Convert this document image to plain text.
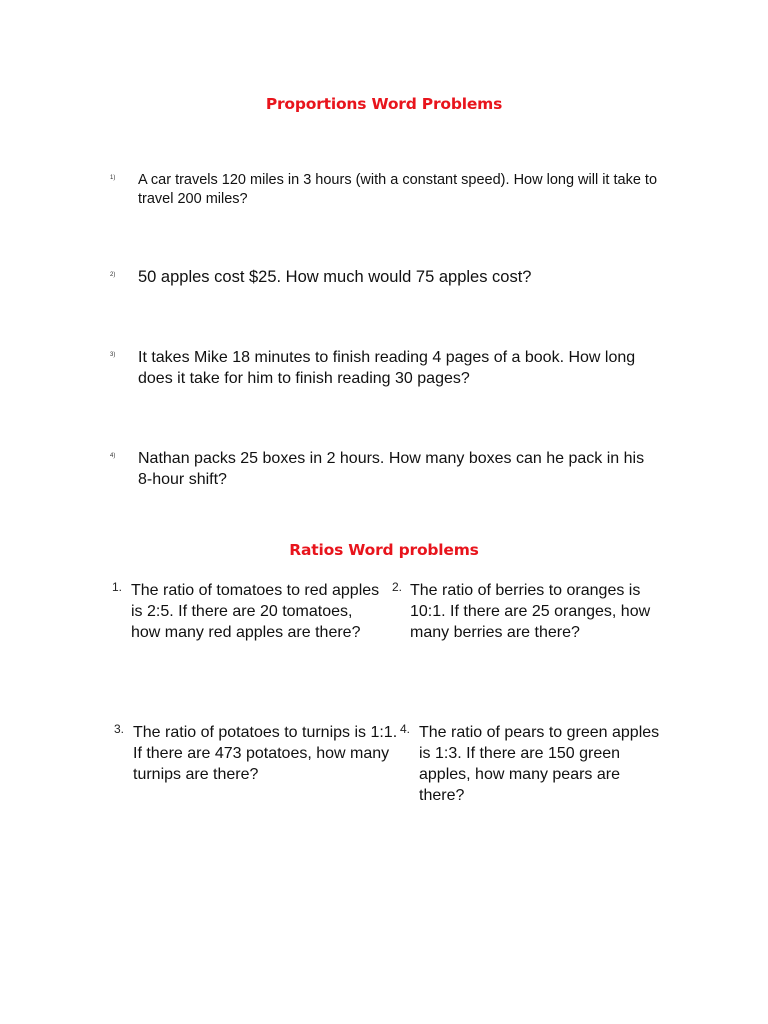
Proportions Word Problems
1) A car travels 120 miles in 3 hours (with a constant speed). How long will it take to travel 200 miles?
2) 50 apples cost $25. How much would 75 apples cost?
3) It takes Mike 18 minutes to finish reading 4 pages of a book. How long does it take for him to finish reading 30 pages?
4) Nathan packs 25 boxes in 2 hours. How many boxes can he pack in his 8-hour shift?
Ratios Word problems
1. The ratio of tomatoes to red apples is 2:5. If there are 20 tomatoes, how many red apples are there?
2. The ratio of berries to oranges is 10:1. If there are 25 oranges, how many berries are there?
3. The ratio of potatoes to turnips is 1:1. If there are 473 potatoes, how many turnips are there?
4. The ratio of pears to green apples is 1:3. If there are 150 green apples, how many pears are there?
